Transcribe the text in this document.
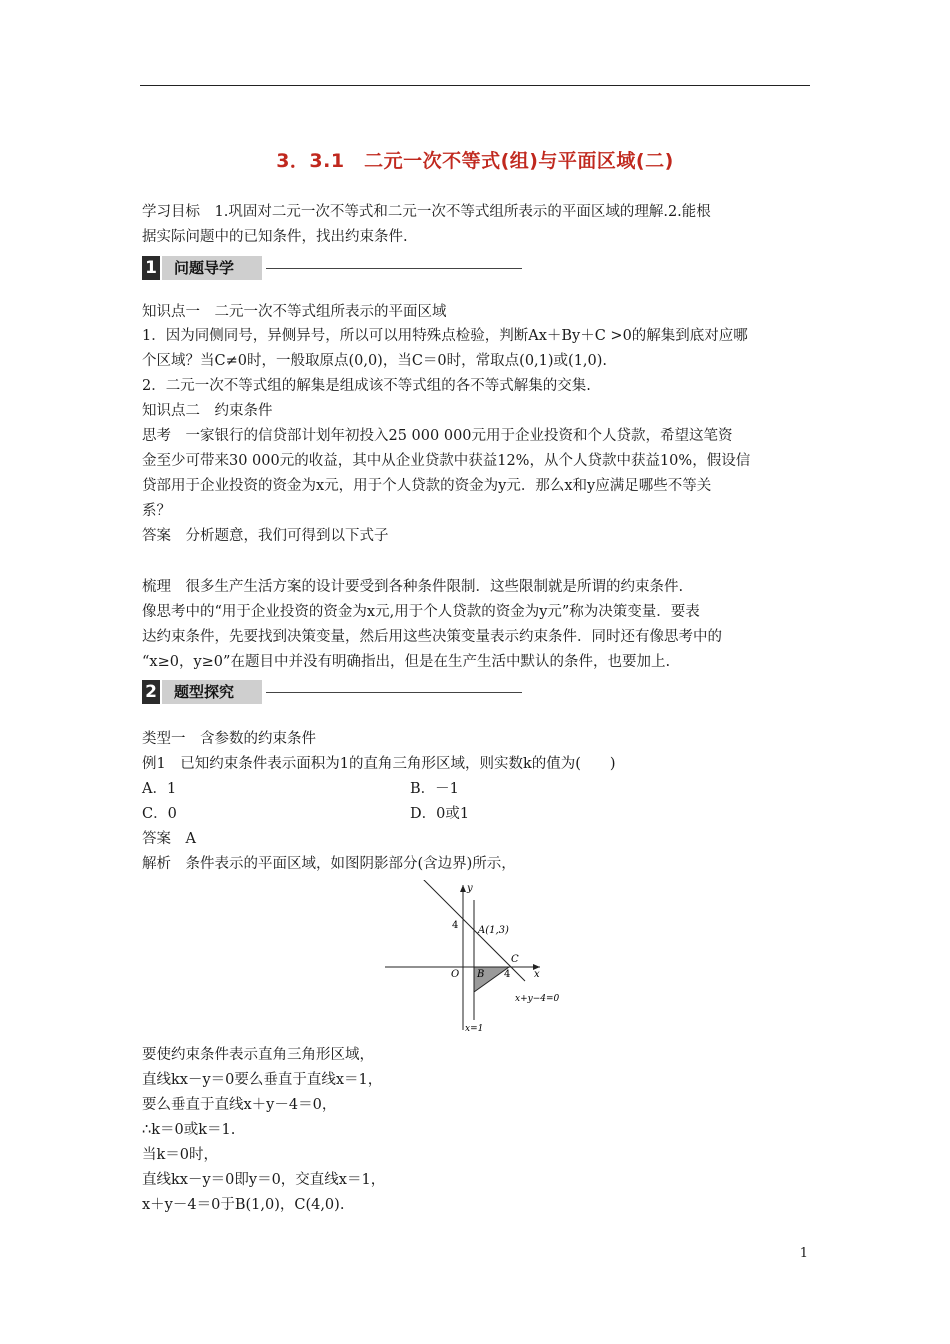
3．3.1　二元一次不等式(组)与平面区域(二)
学习目标　1.巩固对二元一次不等式和二元一次不等式组所表示的平面区域的理解.2.能根
据实际问题中的已知条件，找出约束条件.
1	问题导学
知识点一　二元一次不等式组所表示的平面区域
1．因为同侧同号，异侧异号，所以可以用特殊点检验，判断Ax＋By＋C >0的解集到底对应哪
个区域？当C≠0时，一般取原点(0,0)，当C＝0时，常取点(0,1)或(1,0).
2．二元一次不等式组的解集是组成该不等式组的各不等式解集的交集.
知识点二　约束条件
思考　一家银行的信贷部计划年初投入25 000 000元用于企业投资和个人贷款，希望这笔资
金至少可带来30 000元的收益，其中从企业贷款中获益12%，从个人贷款中获益10%，假设信
贷部用于企业投资的资金为x元，用于个人贷款的资金为y元．那么x和y应满足哪些不等关
系？
答案　分析题意，我们可得到以下式子
梳理　很多生产生活方案的设计要受到各种条件限制．这些限制就是所谓的约束条件.
像思考中的“用于企业投资的资金为x元,用于个人贷款的资金为y元”称为决策变量．要表
达约束条件，先要找到决策变量，然后用这些决策变量表示约束条件．同时还有像思考中的
“x≥0，y≥0”在题目中并没有明确指出，但是在生产生活中默认的条件，也要加上.
2	题型探究
类型一　含参数的约束条件
例1　已知约束条件表示面积为1的直角三角形区域，则实数k的值为(　　)
A．1	B．－1
C．0	D．0或1
答案　A
解析　条件表示的平面区域，如图阴影部分(含边界)所示，
y
x
O
4
4
A(1,3)
B
C
x+y−4=0
x=1
要使约束条件表示直角三角形区域，
直线kx－y＝0要么垂直于直线x＝1，
要么垂直于直线x＋y－4＝0，
∴k＝0或k＝1.
当k＝0时，
直线kx－y＝0即y＝0，交直线x＝1，
x＋y－4＝0于B(1,0)，C(4,0).
1
